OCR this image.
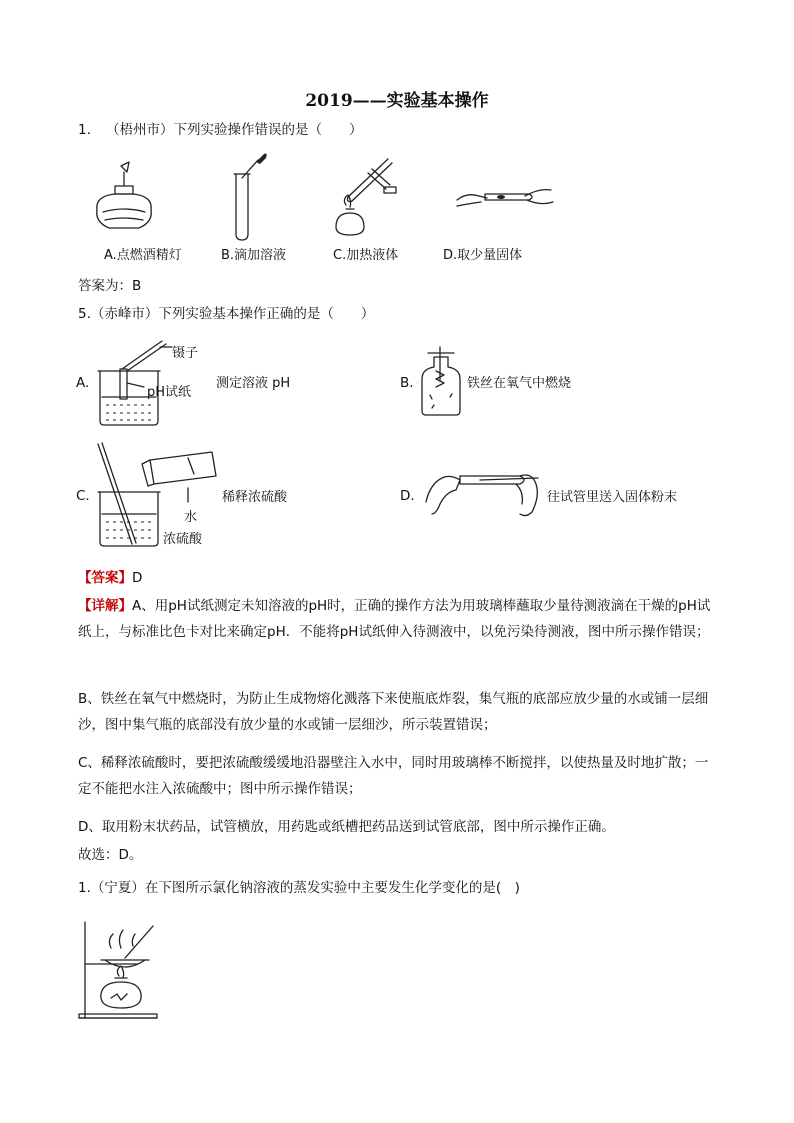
2019——实验基本操作
1. （梧州市）下列实验操作错误的是（　　）
A.点燃酒精灯	B.滴加溶液	C.加热液体	D.取少量固体
答案为：B
5.（赤峰市）下列实验基本操作正确的是（　　）
A.
镊子
pH试纸
测定溶液 pH	B.	铁丝在氧气中燃烧
C.	稀释浓硫酸
水
浓硫酸
D.	往试管里送入固体粉末
【答案】D
【详解】A、用pH试纸测定未知溶液的pH时，正确的操作方法为用玻璃棒蘸取少量待测液滴在干燥的pH试纸上，与标准比色卡对比来确定pH．不能将pH试纸伸入待测液中，以免污染待测液，图中所示操作错误；
B、铁丝在氧气中燃烧时，为防止生成物熔化溅落下来使瓶底炸裂，集气瓶的底部应放少量的水或铺一层细沙，图中集气瓶的底部没有放少量的水或铺一层细沙，所示装置错误；
C、稀释浓硫酸时，要把浓硫酸缓缓地沿器壁注入水中，同时用玻璃棒不断搅拌，以使热量及时地扩散；一定不能把水注入浓硫酸中；图中所示操作错误；
D、取用粉末状药品，试管横放，用药匙或纸槽把药品送到试管底部，图中所示操作正确。
故选：D。
1.（宁夏）在下图所示氯化钠溶液的蒸发实验中主要发生化学变化的是(　)
